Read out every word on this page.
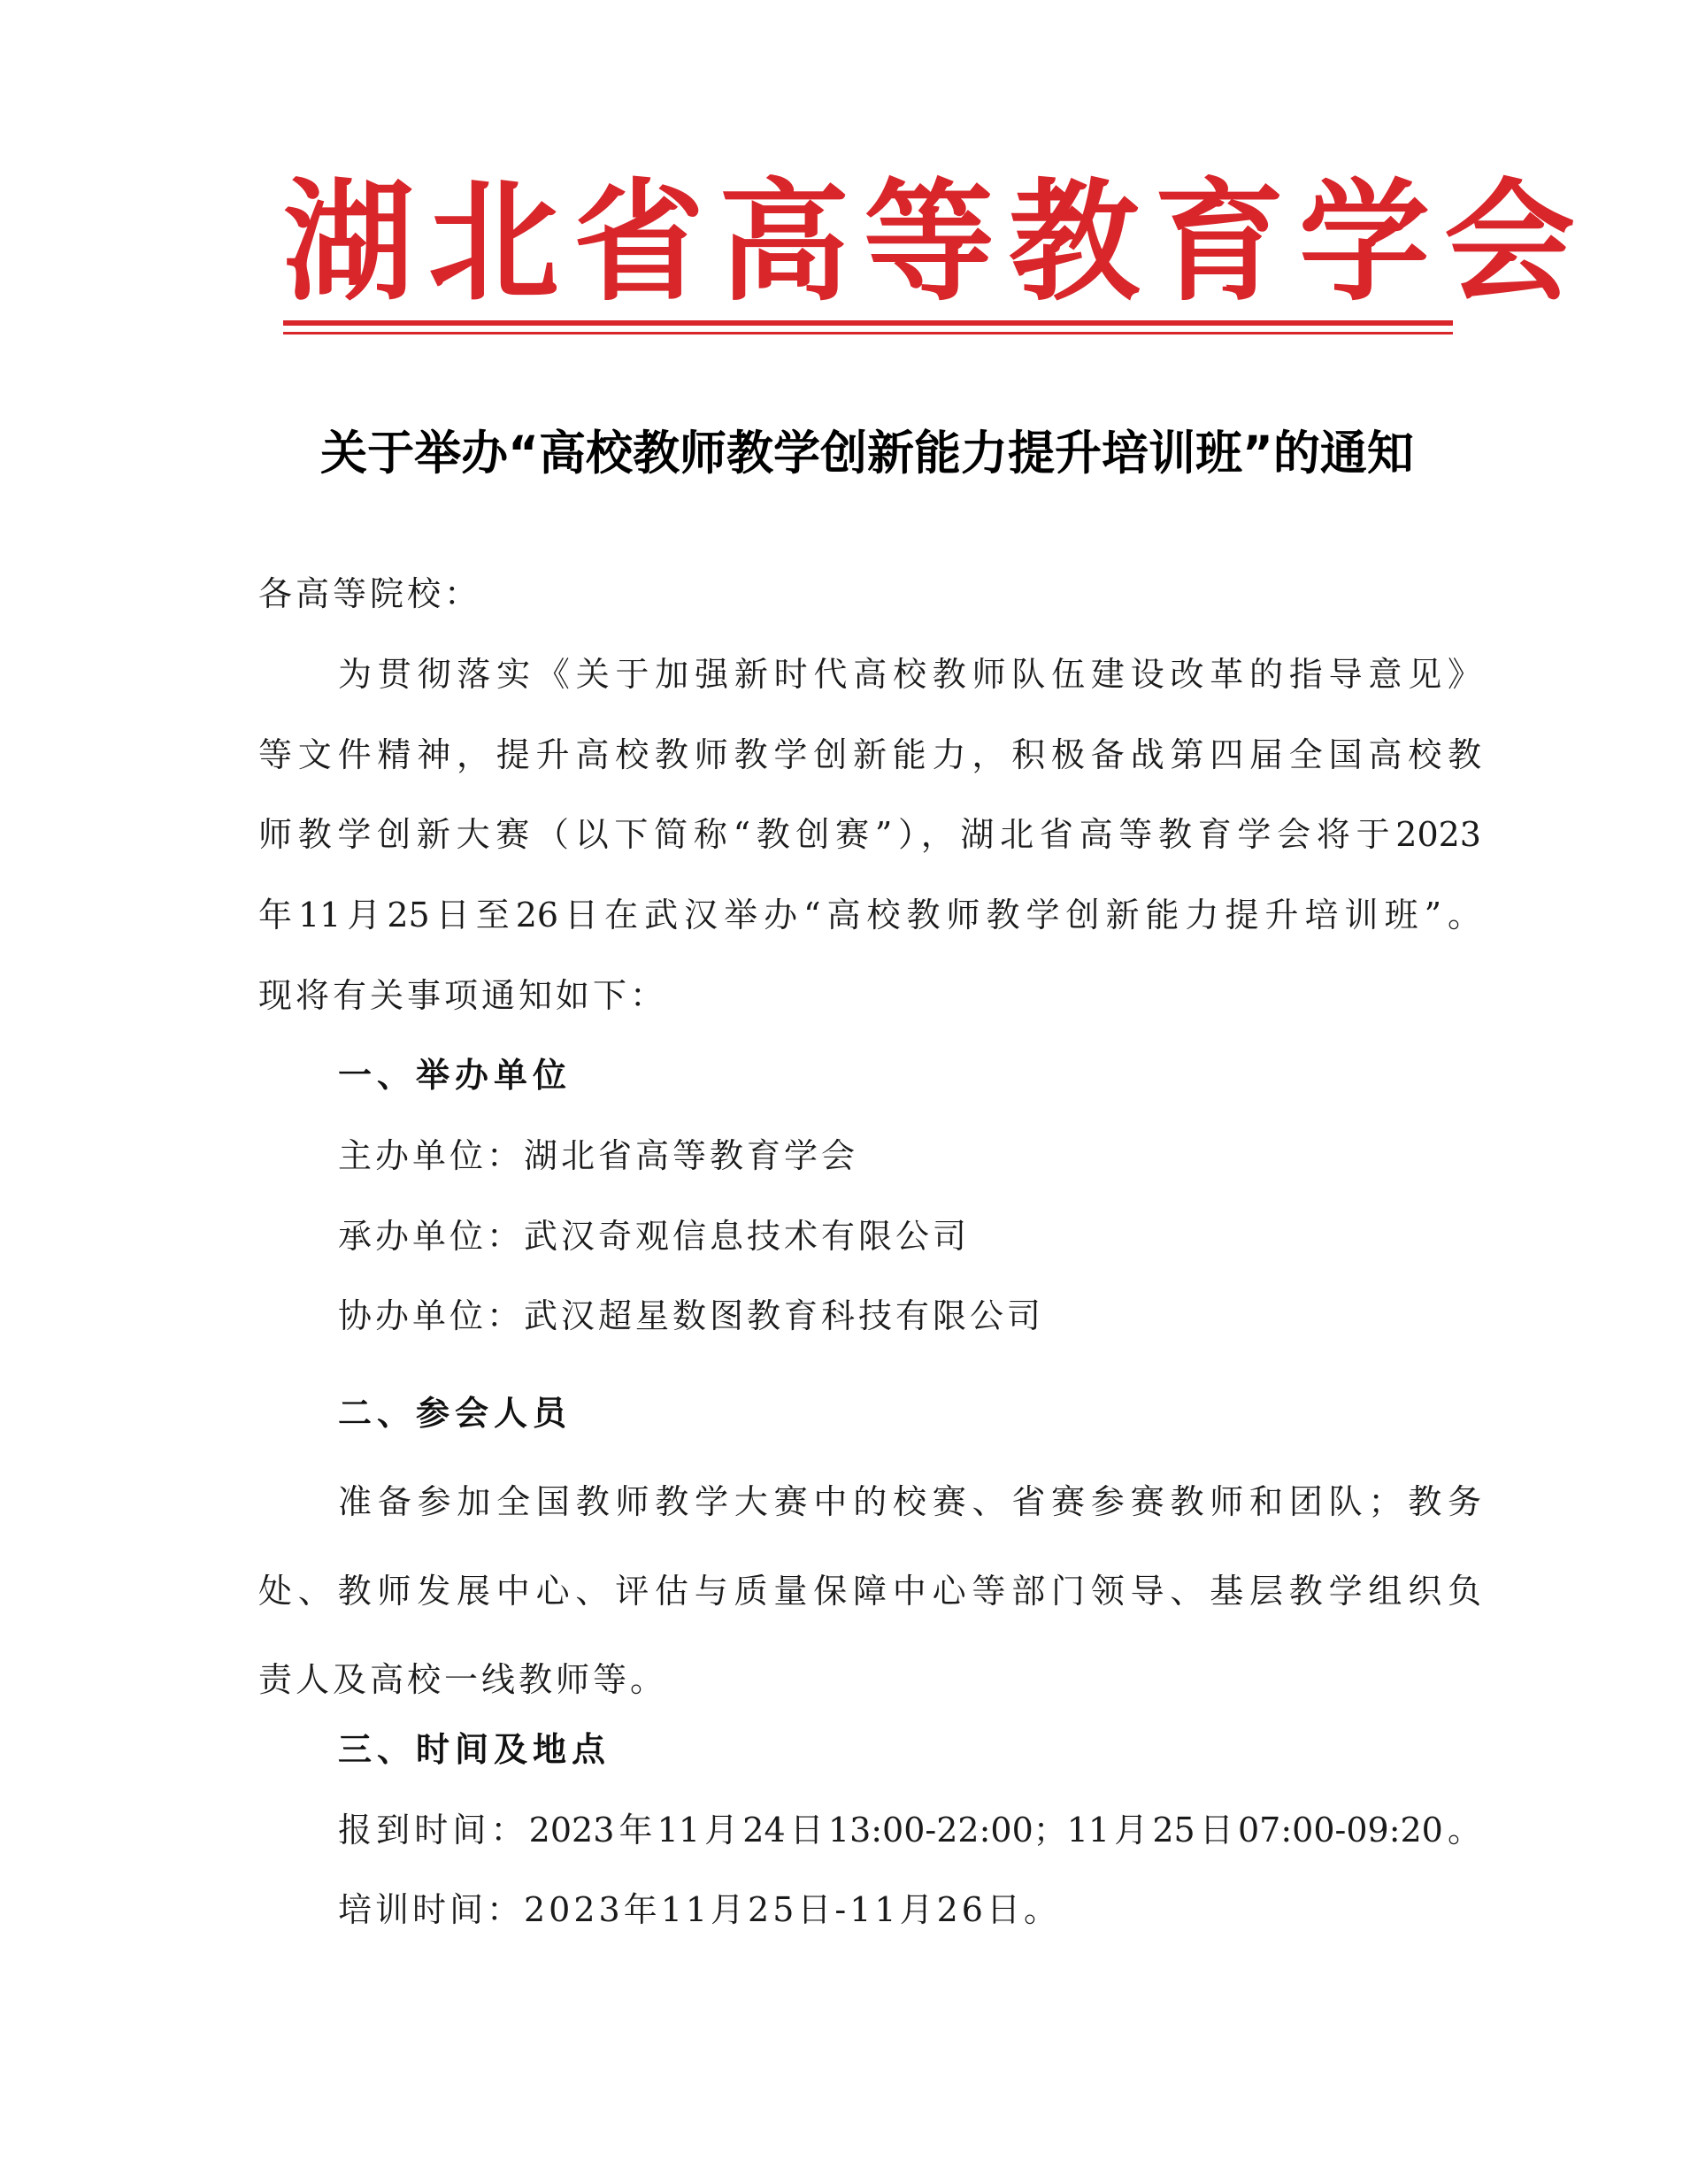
湖北省高等教育学会
关于举办“高校教师教学创新能力提升培训班”的通知
各高等院校：
为贯彻落实《关于加强新时代高校教师队伍建设改革的指导意见》
等文件精神，提升高校教师教学创新能力，积极备战第四届全国高校教
师教学创新大赛（以下简称“教创赛”），湖北省高等教育学会将于2023
年11月25日至26日在武汉举办“高校教师教学创新能力提升培训班”。
现将有关事项通知如下：
一、举办单位
主办单位：湖北省高等教育学会
承办单位：武汉奇观信息技术有限公司
协办单位：武汉超星数图教育科技有限公司
二、参会人员
准备参加全国教师教学大赛中的校赛、省赛参赛教师和团队；教务
处、教师发展中心、评估与质量保障中心等部门领导、基层教学组织负
责人及高校一线教师等。
三、时间及地点
报到时间：2023年11月24日13:00-22:00；11月25日07:00-09:20。
培训时间：2023年11月25日-11月26日。
